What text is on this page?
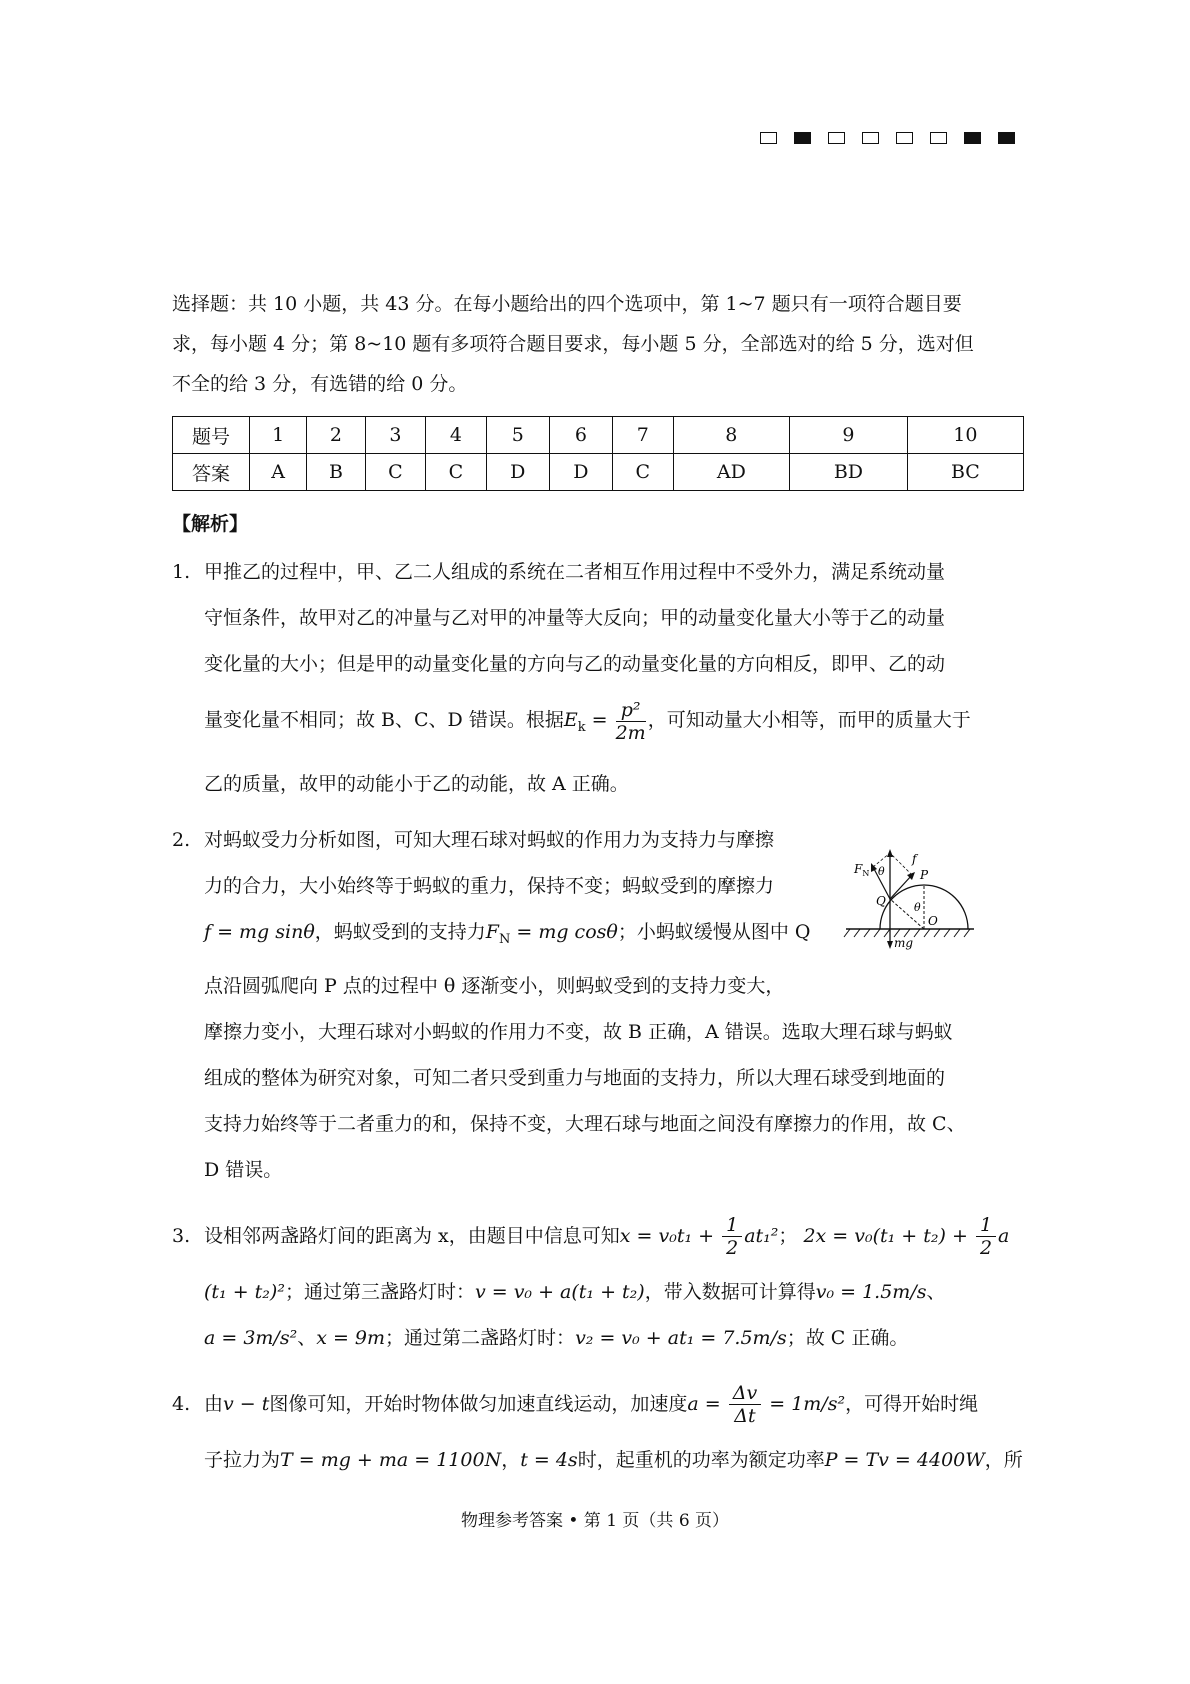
选择题：共 10 小题，共 43 分。在每小题给出的四个选项中，第 1~7 题只有一项符合题目要
求，每小题 4 分；第 8~10 题有多项符合题目要求，每小题 5 分，全部选对的给 5 分，选对但
不全的给 3 分，有选错的给 0 分。
题号	1	2	3	4	5	6	7	8	9	10
答案	A	B	C	C	D	D	C	AD	BD	BC
【解析】
1. 甲推乙的过程中，甲、乙二人组成的系统在二者相互作用过程中不受外力，满足系统动量
守恒条件，故甲对乙的冲量与乙对甲的冲量等大反向；甲的动量变化量大小等于乙的动量
变化量的大小；但是甲的动量变化量的方向与乙的动量变化量的方向相反，即甲、乙的动
量变化量不相同；故 B、C、D 错误。根据$E_k = \frac{\text{p²}}{2m}$ ，可知动量大小相等，而甲的质量大于
乙的质量，故甲的动能小于乙的动能，故 A 正确。
2. 对蚂蚁受力分析如图，可知大理石球对蚂蚁的作用力为支持力与摩擦
力的合力，大小始终等于蚂蚁的重力，保持不变；蚂蚁受到的摩擦力
f = mg sinθ，蚂蚁受到的支持力$F_N$ = mg cosθ；小蚂蚁缓慢从图中 Q
点沿圆弧爬向 P 点的过程中 θ 逐渐变小，则蚂蚁受到的支持力变大，
摩擦力变小，大理石球对小蚂蚁的作用力不变，故 B 正确，A 错误。选取大理石球与蚂蚁
组成的整体为研究对象，可知二者只受到重力与地面的支持力，所以大理石球受到地面的
支持力始终等于二者重力的和，保持不变，大理石球与地面之间没有摩擦力的作用，故 C、
D 错误。
$F_N$ θ
f
P
Q	θ
O
mg
3. 设相邻两盏路灯间的距离为 x，由题目中信息可知$x = v_0t_1 + \frac{1}{2} at_1^2$； $2x = v_0(t_1 + t_2) + \frac{1}{2}$ a
(t₁ + t₂)²；通过第三盏路灯时：v = v₀ + a(t₁ + t₂)，带入数据可计算得v₀ = 1.5m/s、
a = 3m/s²、x = 9m；通过第二盏路灯时：v₂ = v₀ + at₁ = 7.5m/s；故 C 正确。
4. 由v − t图像可知，开始时物体做匀加速直线运动，加速度$a = \frac{\Delta v}{\Delta t} = 1m/s^2$，可得开始时绳
子拉力为T = mg + ma = 1100N，t = 4s时，起重机的功率为额定功率P = Tv = 4400W，所
物理参考答案 • 第 1 页（共 6 页）
